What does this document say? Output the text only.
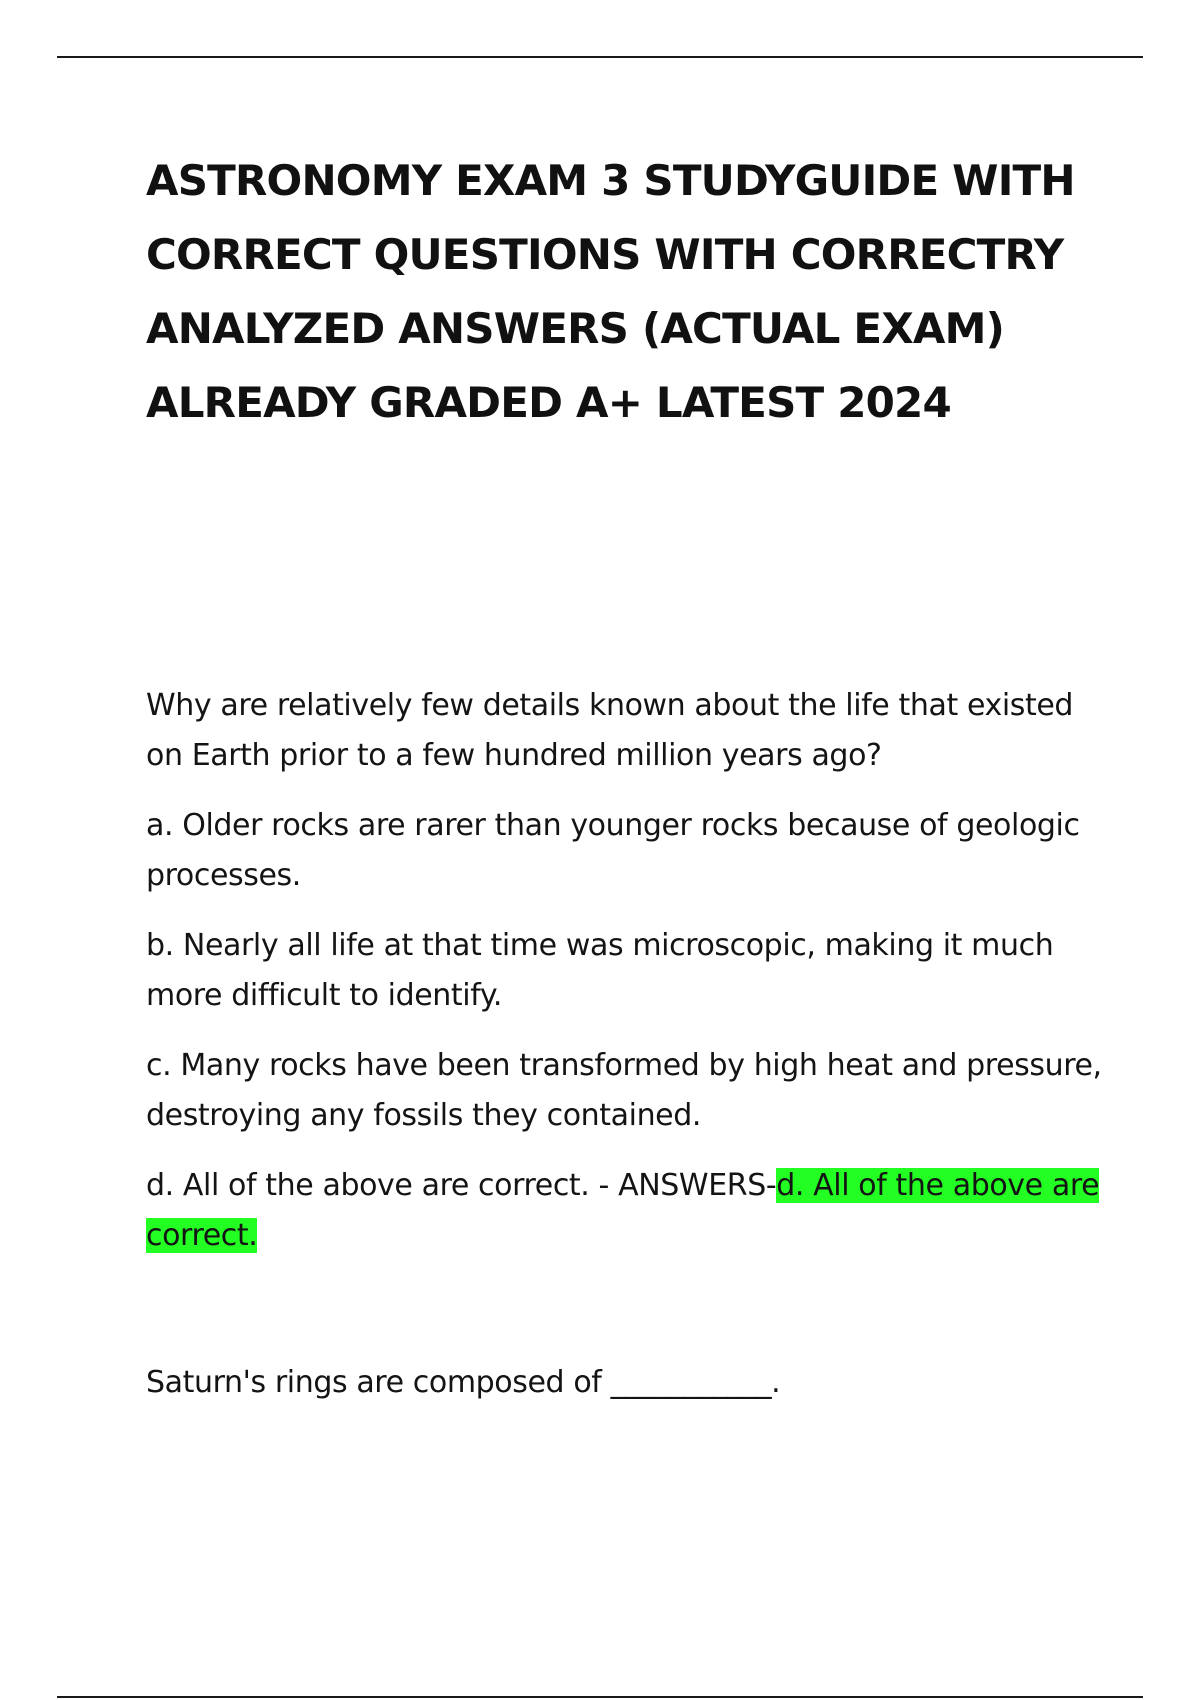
ASTRONOMY EXAM 3 STUDYGUIDE WITH CORRECT QUESTIONS WITH CORRECTRY ANALYZED ANSWERS (ACTUAL EXAM) ALREADY GRADED A+ LATEST 2024

Why are relatively few details known about the life that existed on Earth prior to a few hundred million years ago?

a. Older rocks are rarer than younger rocks because of geologic processes.

b. Nearly all life at that time was microscopic, making it much more difficult to identify.

c. Many rocks have been transformed by high heat and pressure, destroying any fossils they contained.

d. All of the above are correct. - ANSWERS-d. All of the above are correct.

Saturn's rings are composed of ___________.
